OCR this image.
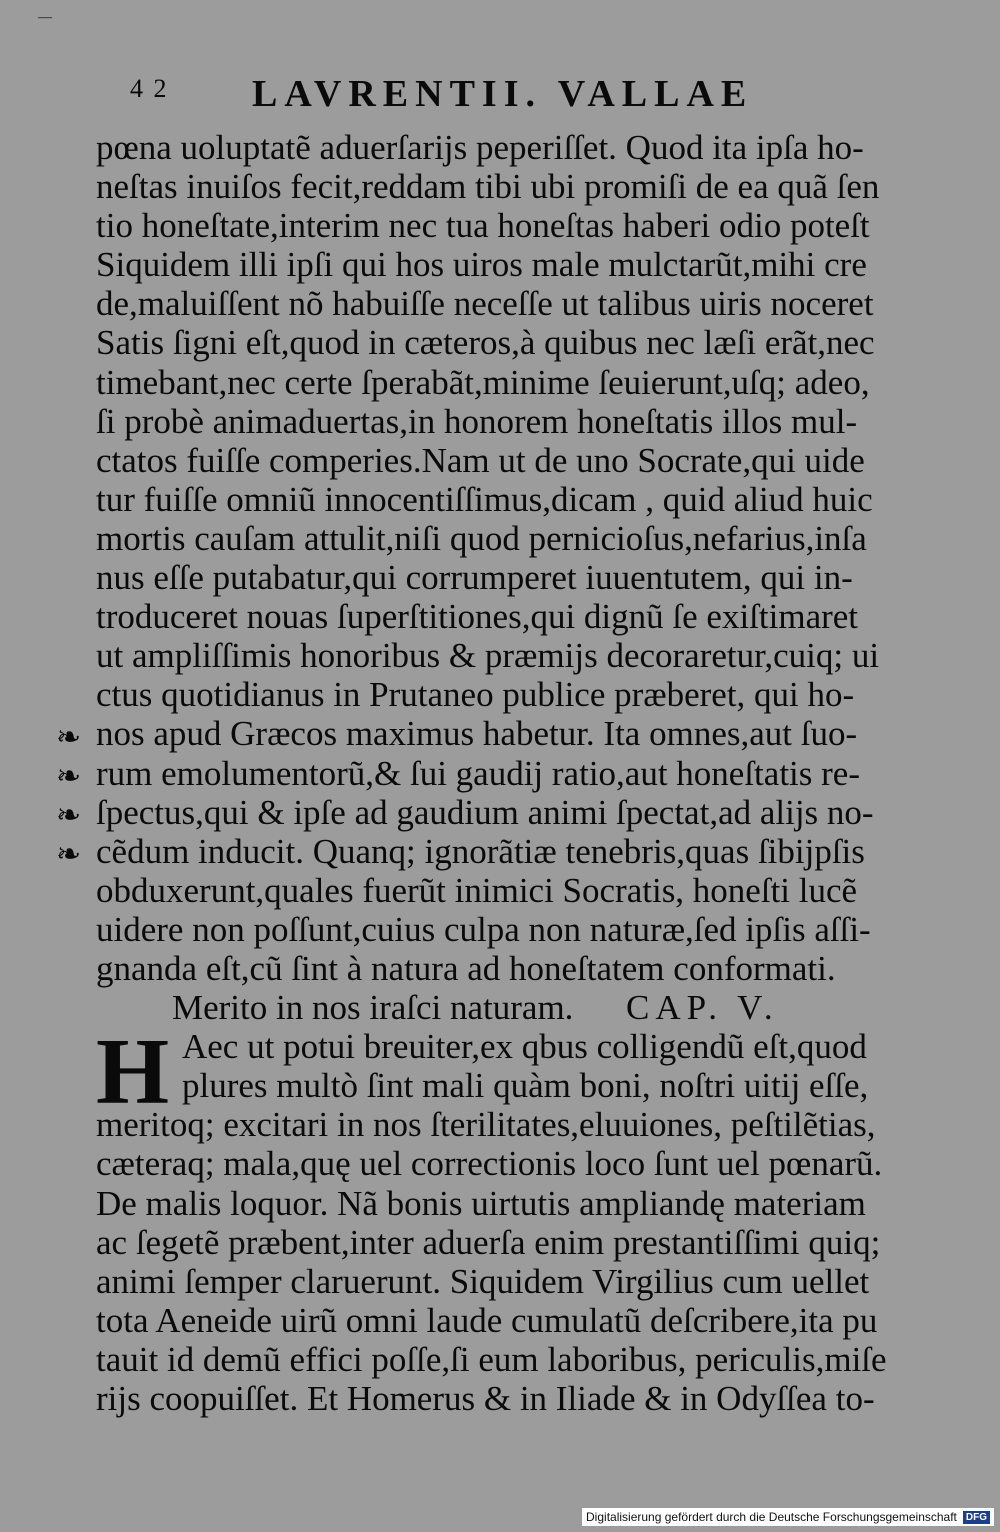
—
4 2 LAVRENTII. VALLAE
❧
❧
❧
❧
pœna uoluptatẽ aduerſarijs peperiſſet. Quod ita ipſa ho-
neſtas inuiſos fecit,reddam tibi ubi promiſi de ea quã ſen
tio honeſtate,interim nec tua honeſtas haberi odio poteſt
Siquidem illi ipſi qui hos uiros male mulctarũt,mihi cre
de,maluiſſent nõ habuiſſe neceſſe ut talibus uiris noceret
Satis ſigni eſt,quod in cæteros,à quibus nec læſi erãt,nec
timebant,nec certe ſperabãt,minime ſeuierunt,uſq; adeo,
ſi probè animaduertas,in honorem honeſtatis illos mul-
ctatos fuiſſe comperies.Nam ut de uno Socrate,qui uide
tur fuiſſe omniũ innocentiſſimus,dicam , quid aliud huic
mortis cauſam attulit,niſi quod pernicioſus,nefarius,inſa
nus eſſe putabatur,qui corrumperet iuuentutem, qui in-
troduceret nouas ſuperſtitiones,qui dignũ ſe exiſtimaret
ut ampliſſimis honoribus & præmijs decoraretur,cuiq; ui
ctus quotidianus in Prutaneo publice præberet, qui ho-
nos apud Græcos maximus habetur. Ita omnes,aut ſuo-
rum emolumentorũ,& ſui gaudij ratio,aut honeſtatis re-
ſpectus,qui & ipſe ad gaudium animi ſpectat,ad aliјs no-
cẽdum inducit. Quanq; ignorãtiæ tenebris,quas ſibijpſis
obduxerunt,quales fuerũt inimici Socratis, honeſti lucẽ
uidere non poſſunt,cuius culpa non naturæ,ſed ipſis aſſi-
gnanda eſt,cũ ſint à natura ad honeſtatem conformati.
Merito in nos iraſci naturam. CAP. V.
H Aec ut potui breuiter,ex qbus colligendũ eſt,quod
plures multò ſint mali quàm boni, noſtri uitij eſſe,
meritoq; excitari in nos ſterilitates,eluuiones, peſtilẽtias,
cæteraq; mala,quę uel correctionis loco ſunt uel pœnarũ.
De malis loquor. Nã bonis uirtutis ampliandę materiam
ac ſegetẽ præbent,inter aduerſa enim prestantiſſimi quiq;
animi ſemper claruerunt. Siquidem Virgilius cum uellet
tota Aeneide uirũ omni laude cumulatũ deſcribere,ita pu
tauit id demũ effici poſſe,ſi eum laboribus, periculis,miſe
rijs coopuiſſet. Et Homerus & in Iliade & in Odyſſea to-
Digitalisierung gefördert durch die Deutsche Forschungsgemeinschaft DFG
